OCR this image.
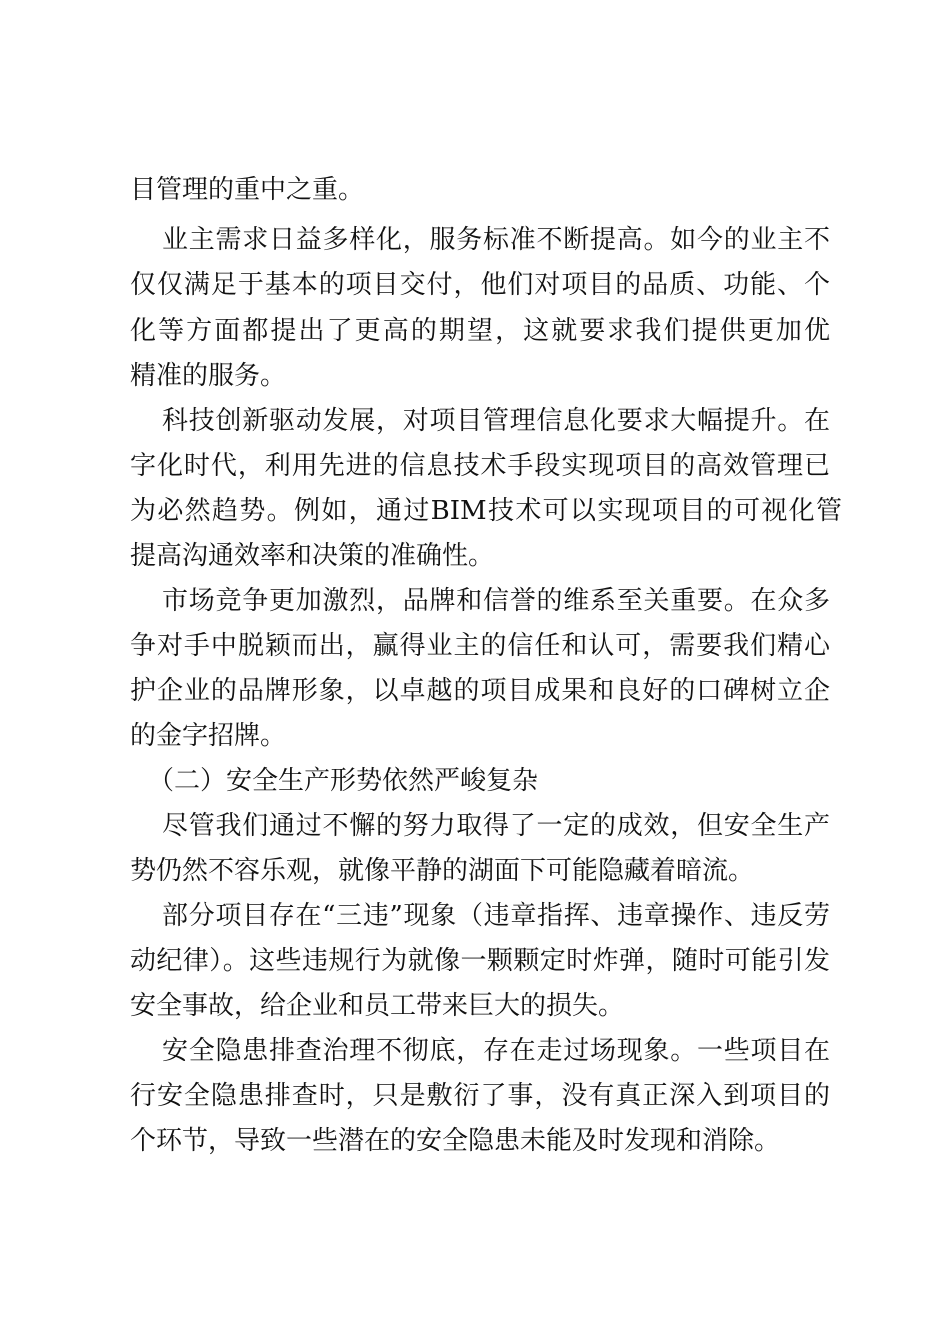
目管理的重中之重。
业主需求日益多样化，服务标准不断提高。如今的业主不
仅仅满足于基本的项目交付，他们对项目的品质、功能、个
化等方面都提出了更高的期望，这就要求我们提供更加优
精准的服务。
科技创新驱动发展，对项目管理信息化要求大幅提升。在
字化时代，利用先进的信息技术手段实现项目的高效管理已
为必然趋势。例如，通过BIM技术可以实现项目的可视化管
提高沟通效率和决策的准确性。
市场竞争更加激烈，品牌和信誉的维系至关重要。在众多
争对手中脱颖而出，赢得业主的信任和认可，需要我们精心
护企业的品牌形象，以卓越的项目成果和良好的口碑树立企
的金字招牌。
（二）安全生产形势依然严峻复杂
尽管我们通过不懈的努力取得了一定的成效，但安全生产
势仍然不容乐观，就像平静的湖面下可能隐藏着暗流。
部分项目存在“三违”现象（违章指挥、违章操作、违反劳
动纪律）。这些违规行为就像一颗颗定时炸弹，随时可能引发
安全事故，给企业和员工带来巨大的损失。
安全隐患排查治理不彻底，存在走过场现象。一些项目在
行安全隐患排查时，只是敷衍了事，没有真正深入到项目的
个环节，导致一些潜在的安全隐患未能及时发现和消除。
